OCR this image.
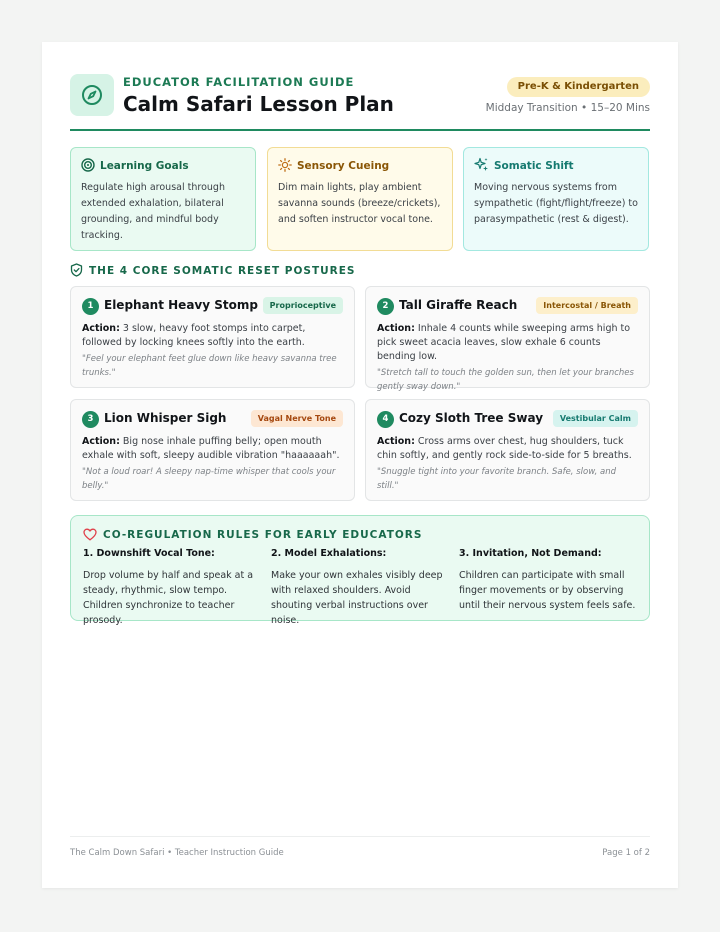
EDUCATOR FACILITATION GUIDE
Calm Safari Lesson Plan
Pre-K & Kindergarten
Midday Transition • 15–20 Mins
Learning Goals
Regulate high arousal through extended exhalation, bilateral grounding, and mindful body tracking.
Sensory Cueing
Dim main lights, play ambient savanna sounds (breeze/crickets), and soften instructor vocal tone.
Somatic Shift
Moving nervous systems from sympathetic (fight/flight/freeze) to parasympathetic (rest & digest).
THE 4 CORE SOMATIC RESET POSTURES
1 Elephant Heavy Stomp	Proprioceptive
Action: 3 slow, heavy foot stomps into carpet, followed by locking knees softly into the earth.
"Feel your elephant feet glue down like heavy savanna tree trunks."
2 Tall Giraffe Reach	Intercostal / Breath
Action: Inhale 4 counts while sweeping arms high to pick sweet acacia leaves, slow exhale 6 counts bending low.
"Stretch tall to touch the golden sun, then let your branches gently sway down."
3 Lion Whisper Sigh	Vagal Nerve Tone
Action: Big nose inhale puffing belly; open mouth exhale with soft, sleepy audible vibration "haaaaaah".
"Not a loud roar! A sleepy nap-time whisper that cools your belly."
4 Cozy Sloth Tree Sway	Vestibular Calm
Action: Cross arms over chest, hug shoulders, tuck chin softly, and gently rock side-to-side for 5 breaths.
"Snuggle tight into your favorite branch. Safe, slow, and still."
CO-REGULATION RULES FOR EARLY EDUCATORS
1. Downshift Vocal Tone:

Drop volume by half and speak at a steady, rhythmic, slow tempo. Children synchronize to teacher prosody.

2. Model Exhalations:

Make your own exhales visibly deep with relaxed shoulders. Avoid shouting verbal instructions over noise.

3. Invitation, Not Demand:

Children can participate with small finger movements or by observing until their nervous system feels safe.

The Calm Down Safari • Teacher Instruction Guide	Page 1 of 2
